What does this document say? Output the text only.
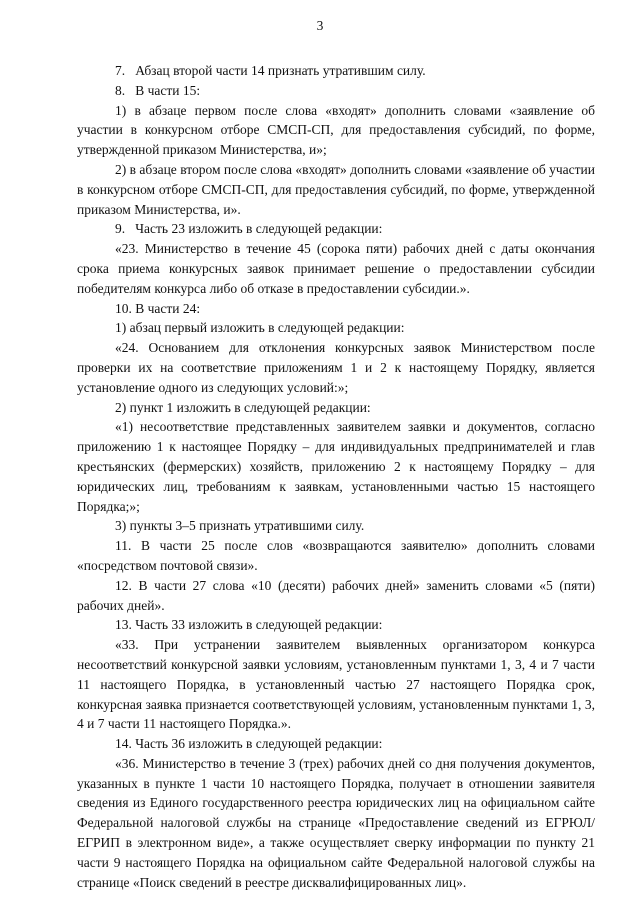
3

7.   Абзац второй части 14 признать утратившим силу.

8.   В части 15:

1) в абзаце первом после слова «входят» дополнить словами «заявление об участии в конкурсном отборе СМСП-СП, для предоставления субсидий, по форме, утвержденной приказом Министерства, и»;

2) в абзаце втором после слова «входят» дополнить словами «заявление об участии в конкурсном отборе СМСП-СП, для предоставления субсидий, по форме, утвержденной приказом Министерства, и».

9.   Часть 23 изложить в следующей редакции:

«23. Министерство в течение 45 (сорока пяти) рабочих дней с даты окончания срока приема конкурсных заявок принимает решение о предоставлении субсидии победителям конкурса либо об отказе в предоставлении субсидии.».

10. В части 24:

1) абзац первый изложить в следующей редакции:

«24. Основанием для отклонения конкурсных заявок Министерством после проверки их на соответствие приложениям 1 и 2 к настоящему Порядку, является установление одного из следующих условий:»;

2) пункт 1 изложить в следующей редакции:

«1) несоответствие представленных заявителем заявки и документов, согласно приложению 1 к настоящее Порядку – для индивидуальных предпринимателей и глав крестьянских (фермерских) хозяйств, приложению 2 к настоящему Порядку – для юридических лиц, требованиям к заявкам, установленными частью 15 настоящего Порядка;»;

3) пункты 3–5 признать утратившими силу.

11. В части 25 после слов «возвращаются заявителю» дополнить словами «посредством почтовой связи».

12. В части 27 слова «10 (десяти) рабочих дней» заменить словами «5 (пяти) рабочих дней».

13. Часть 33 изложить в следующей редакции:

«33. При устранении заявителем выявленных организатором конкурса несоответствий конкурсной заявки условиям, установленным пунктами 1, 3, 4 и 7 части 11 настоящего Порядка, в установленный частью 27 настоящего Порядка срок, конкурсная заявка признается соответствующей условиям, установленным пунктами 1, 3, 4 и 7 части 11 настоящего Порядка.».

14. Часть 36 изложить в следующей редакции:

«36. Министерство в течение 3 (трех) рабочих дней со дня получения документов, указанных в пункте 1 части 10 настоящего Порядка, получает в отношении заявителя сведения из Единого государственного реестра юридических лиц на официальном сайте Федеральной налоговой службы на странице «Предоставление сведений из ЕГРЮЛ/ЕГРИП в электронном виде», а также осуществляет сверку информации по пункту 21 части 9 настоящего Порядка на официальном сайте Федеральной налоговой службы на странице «Поиск сведений в реестре дисквалифицированных лиц».
